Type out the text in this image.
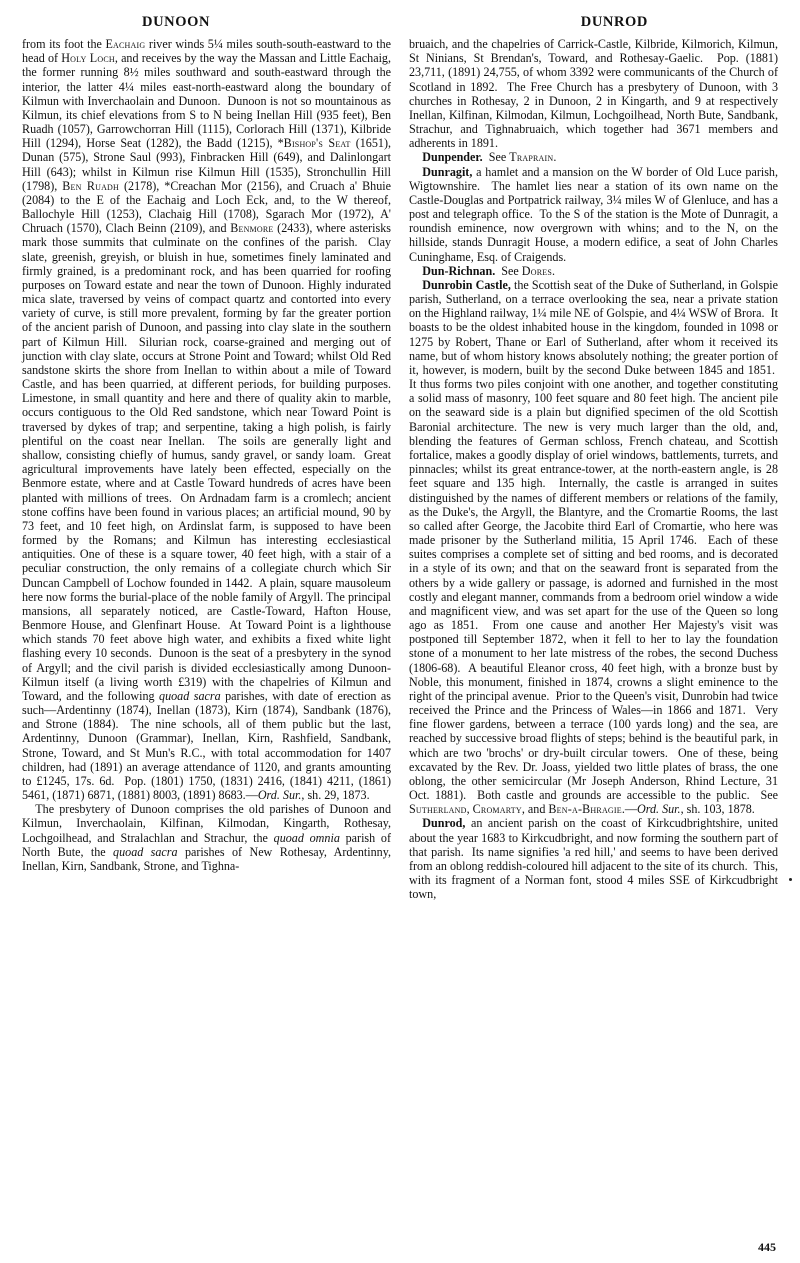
DUNOON	DUNROD

from its foot the Eachaig river winds 5¼ miles south-south-eastward to the head of Holy Loch, and receives by the way the Massan and Little Eachaig, the former running 8½ miles southward and south-eastward through the interior, the latter 4¼ miles east-north-eastward along the boundary of Kilmun with Inverchaolain and Dunoon.  Dunoon is not so mountainous as Kilmun, its chief elevations from S to N being Inellan Hill (935 feet), Ben Ruadh (1057), Garrowchorran Hill (1115), Corlorach Hill (1371), Kilbride Hill (1294), Horse Seat (1282), the Badd (1215), *Bishop's Seat (1651), Dunan (575), Strone Saul (993), Finbracken Hill (649), and Dalinlongart Hill (643); whilst in Kilmun rise Kilmun Hill (1535), Stronchullin Hill (1798), Ben Ruadh (2178), *Creachan Mor (2156), and Cruach a' Bhuie (2084) to the E of the Eachaig and Loch Eck, and, to the W thereof, Ballochyle Hill (1253), Clachaig Hill (1708), Sgarach Mor (1972), A' Chruach (1570), Clach Beinn (2109), and Benmore (2433), where asterisks mark those summits that culminate on the confines of the parish.  Clay slate, greenish, greyish, or bluish in hue, sometimes finely laminated and firmly grained, is a predominant rock, and has been quarried for roofing purposes on Toward estate and near the town of Dunoon. Highly indurated mica slate, traversed by veins of compact quartz and contorted into every variety of curve, is still more prevalent, forming by far the greater portion of the ancient parish of Dunoon, and passing into clay slate in the southern part of Kilmun Hill.  Silurian rock, coarse-grained and merging out of junction with clay slate, occurs at Strone Point and Toward; whilst Old Red sandstone skirts the shore from Inellan to within about a mile of Toward Castle, and has been quarried, at different periods, for building purposes. Limestone, in small quantity and here and there of quality akin to marble, occurs contiguous to the Old Red sandstone, which near Toward Point is traversed by dykes of trap; and serpentine, taking a high polish, is fairly plentiful on the coast near Inellan.  The soils are generally light and shallow, consisting chiefly of humus, sandy gravel, or sandy loam.  Great agricultural improvements have lately been effected, especially on the Benmore estate, where and at Castle Toward hundreds of acres have been planted with millions of trees.  On Ardnadam farm is a cromlech; ancient stone coffins have been found in various places; an artificial mound, 90 by 73 feet, and 10 feet high, on Ardinslat farm, is supposed to have been formed by the Romans; and Kilmun has interesting ecclesiastical antiquities. One of these is a square tower, 40 feet high, with a stair of a peculiar construction, the only remains of a collegiate church which Sir Duncan Campbell of Lochow founded in 1442.  A plain, square mausoleum here now forms the burial-place of the noble family of Argyll. The principal mansions, all separately noticed, are Castle-Toward, Hafton House, Benmore House, and Glenfinart House.  At Toward Point is a lighthouse which stands 70 feet above high water, and exhibits a fixed white light flashing every 10 seconds.  Dunoon is the seat of a presbytery in the synod of Argyll; and the civil parish is divided ecclesiastically among Dunoon-Kilmun itself (a living worth £319) with the chapelries of Kilmun and Toward, and the following quoad sacra parishes, with date of erection as such—Ardentinny (1874), Inellan (1873), Kirn (1874), Sandbank (1876), and Strone (1884).  The nine schools, all of them public but the last, Ardentinny, Dunoon (Grammar), Inellan, Kirn, Rashfield, Sandbank, Strone, Toward, and St Mun's R.C., with total accommodation for 1407 children, had (1891) an average attendance of 1120, and grants amounting to £1245, 17s. 6d.  Pop. (1801) 1750, (1831) 2416, (1841) 4211, (1861) 5461, (1871) 6871, (1881) 8003, (1891) 8683.—Ord. Sur., sh. 29, 1873.

The presbytery of Dunoon comprises the old parishes of Dunoon and Kilmun, Inverchaolain, Kilfinan, Kilmodan, Kingarth, Rothesay, Lochgoilhead, and Stralachlan and Strachur, the quoad omnia parish of North Bute, the quoad sacra parishes of New Rothesay, Ardentinny, Inellan, Kirn, Sandbank, Strone, and Tighna-

bruaich, and the chapelries of Carrick-Castle, Kilbride, Kilmorich, Kilmun, St Ninians, St Brendan's, Toward, and Rothesay-Gaelic.  Pop. (1881) 23,711, (1891) 24,755, of whom 3392 were communicants of the Church of Scotland in 1892.  The Free Church has a presbytery of Dunoon, with 3 churches in Rothesay, 2 in Dunoon, 2 in Kingarth, and 9 at respectively Inellan, Kilfinan, Kilmodan, Kilmun, Lochgoilhead, North Bute, Sandbank, Strachur, and Tighnabruaich, which together had 3671 members and adherents in 1891.

Dunpender.  See Traprain.

Dunragit, a hamlet and a mansion on the W border of Old Luce parish, Wigtownshire.  The hamlet lies near a station of its own name on the Castle-Douglas and Portpatrick railway, 3¼ miles W of Glenluce, and has a post and telegraph office.  To the S of the station is the Mote of Dunragit, a roundish eminence, now overgrown with whins; and to the N, on the hillside, stands Dunragit House, a modern edifice, a seat of John Charles Cuninghame, Esq. of Craigends.

Dun-Richnan.  See Dores.

Dunrobin Castle, the Scottish seat of the Duke of Sutherland, in Golspie parish, Sutherland, on a terrace overlooking the sea, near a private station on the Highland railway, 1¼ mile NE of Golspie, and 4¼ WSW of Brora.  It boasts to be the oldest inhabited house in the kingdom, founded in 1098 or 1275 by Robert, Thane or Earl of Sutherland, after whom it received its name, but of whom history knows absolutely nothing; the greater portion of it, however, is modern, built by the second Duke between 1845 and 1851.  It thus forms two piles conjoint with one another, and together constituting a solid mass of masonry, 100 feet square and 80 feet high. The ancient pile on the seaward side is a plain but dignified specimen of the old Scottish Baronial architecture. The new is very much larger than the old, and, blending the features of German schloss, French chateau, and Scottish fortalice, makes a goodly display of oriel windows, battlements, turrets, and pinnacles; whilst its great entrance-tower, at the north-eastern angle, is 28 feet square and 135 high.  Internally, the castle is arranged in suites distinguished by the names of different members or relations of the family, as the Duke's, the Argyll, the Blantyre, and the Cromartie Rooms, the last so called after George, the Jacobite third Earl of Cromartie, who here was made prisoner by the Sutherland militia, 15 April 1746.  Each of these suites comprises a complete set of sitting and bed rooms, and is decorated in a style of its own; and that on the seaward front is separated from the others by a wide gallery or passage, is adorned and furnished in the most costly and elegant manner, commands from a bedroom oriel window a wide and magnificent view, and was set apart for the use of the Queen so long ago as 1851.  From one cause and another Her Majesty's visit was postponed till September 1872, when it fell to her to lay the foundation stone of a monument to her late mistress of the robes, the second Duchess (1806-68).  A beautiful Eleanor cross, 40 feet high, with a bronze bust by Noble, this monument, finished in 1874, crowns a slight eminence to the right of the principal avenue.  Prior to the Queen's visit, Dunrobin had twice received the Prince and the Princess of Wales—in 1866 and 1871.  Very fine flower gardens, between a terrace (100 yards long) and the sea, are reached by successive broad flights of steps; behind is the beautiful park, in which are two 'brochs' or dry-built circular towers.  One of these, being excavated by the Rev. Dr. Joass, yielded two little plates of brass, the one oblong, the other semicircular (Mr Joseph Anderson, Rhind Lecture, 31 Oct. 1881).  Both castle and grounds are accessible to the public.  See Sutherland, Cromarty, and Ben-a-Bhragie.—Ord. Sur., sh. 103, 1878.

Dunrod, an ancient parish on the coast of Kirkcudbrightshire, united about the year 1683 to Kirkcudbright, and now forming the southern part of that parish.  Its name signifies 'a red hill,' and seems to have been derived from an oblong reddish-coloured hill adjacent to the site of its church.  This, with its fragment of a Norman font, stood 4 miles SSE of Kirkcudbright town,

445
